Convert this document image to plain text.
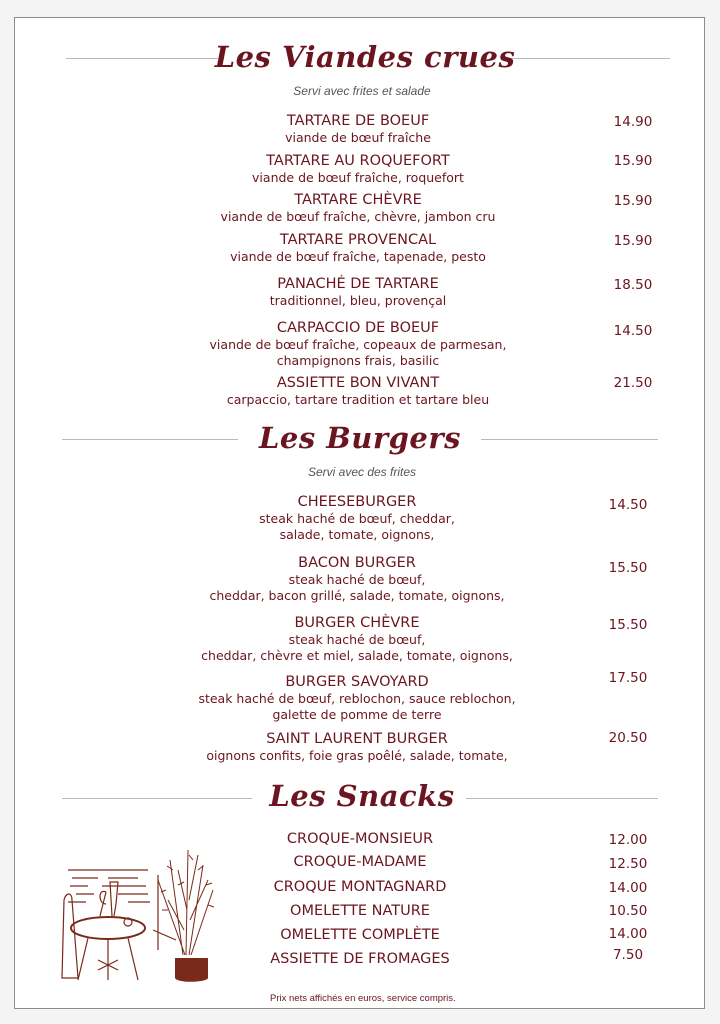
Les Viandes crues
Servi avec frites et salade
Les Burgers
Servi avec des frites
Les Snacks
TARTARE DE BOEUF
viande de bœuf fraîche
14.90
TARTARE AU ROQUEFORT
viande de bœuf fraîche, roquefort
15.90
TARTARE CHÈVRE
viande de bœuf fraîche, chèvre, jambon cru
15.90
TARTARE PROVENCAL
viande de bœuf fraîche, tapenade, pesto
15.90
PANACHÉ DE TARTARE
traditionnel, bleu, provençal
18.50
CARPACCIO DE BOEUF
viande de bœuf fraîche, copeaux de parmesan,
champignons frais, basilic
14.50
ASSIETTE BON VIVANT
carpaccio, tartare tradition et tartare bleu
21.50
CHEESEBURGER
steak haché de bœuf, cheddar,
salade, tomate, oignons,
14.50
BACON BURGER
steak haché de bœuf,
cheddar, bacon grillé, salade, tomate, oignons,
15.50
BURGER CHÈVRE
steak haché de bœuf,
cheddar, chèvre et miel, salade, tomate, oignons,
15.50
BURGER SAVOYARD
steak haché de bœuf, reblochon, sauce reblochon,
galette de pomme de terre
17.50
SAINT LAURENT BURGER
oignons confits, foie gras poêlé, salade, tomate,
20.50
CROQUE-MONSIEUR	12.00
CROQUE-MADAME	12.50
CROQUE MONTAGNARD	14.00
OMELETTE NATURE	10.50
OMELETTE COMPLÈTE	14.00
ASSIETTE DE FROMAGES	7.50
Prix nets affichés en euros, service compris.
